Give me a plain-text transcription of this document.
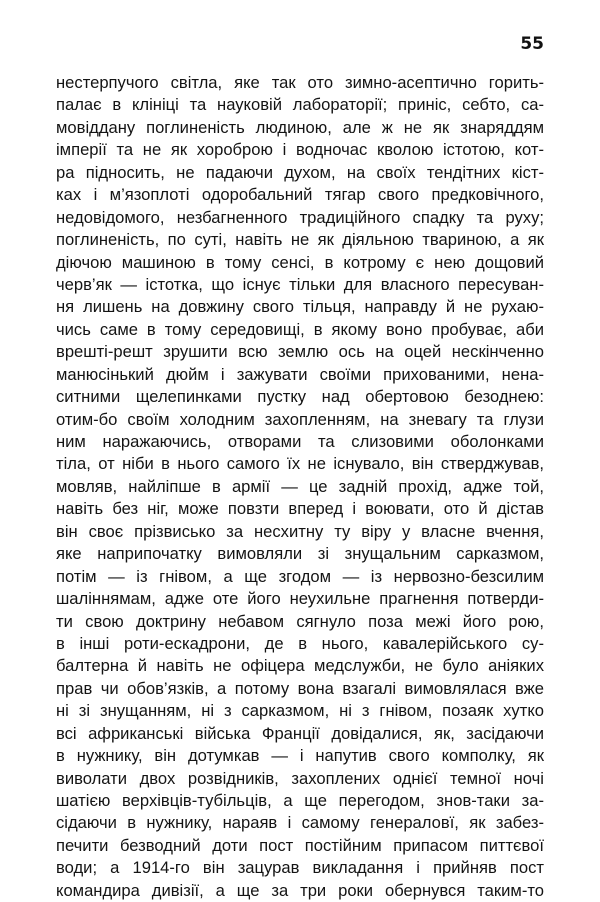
55
нестерпучого світла, яке так ото зимно-асептично горить-
палає в клініці та науковій лабораторії; приніс, себто, са-
мовіддану поглиненість людиною, але ж не як знаряддям
імперії та не як хороброю і водночас кволою істотою, кот-
ра підносить, не падаючи духом, на своїх тендітних кіст-
ках і м’язоплоті одоробальний тягар свого предковічного,
недовідомого, незбагненного традиційного спадку та руху;
поглиненість, по суті, навіть не як діяльною твариною, а як
діючою машиною в тому сенсі, в котрому є нею дощовий
черв’як — істотка, що існує тільки для власного пересуван-
ня лишень на довжину свого тільця, направду й не рухаю-
чись саме в тому середовищі, в якому воно пробуває, аби
врешті-решт зрушити всю землю ось на оцей нескінченно
манюсінький дюйм і зажувати своїми прихованими, нена-
ситними щелепинками пустку над обертовою безоднею:
отим-бо своїм холодним захопленням, на зневагу та глузи
ним наражаючись, отворами та слизовими оболонками
тіла, от ніби в нього самого їх не існувало, він стверджував,
мовляв, найліпше в армії — це задній прохід, адже той,
навіть без ніг, може повзти вперед і воювати, ото й дістав
він своє прізвисько за несхитну ту віру у власне вчення,
яке наприпочатку вимовляли зі знущальним сарказмом,
потім — із гнівом, а ще згодом — із нервозно-безсилим
шаліннямам, адже оте його неухильне прагнення потверди-
ти свою доктрину небавом сягнуло поза межі його рою,
в інші роти-ескадрони, де в нього, кавалерійського су-
балтерна й навіть не офіцера медслужби, не було аніяких
прав чи обов’язків, а потому вона взагалі вимовлялася вже
ні зі знущанням, ні з сарказмом, ні з гнівом, позаяк хутко
всі африканські війська Франції довідалися, як, засідаючи
в нужнику, він дотумкав — і напутив свого комполку, як
виволати двох розвідників, захоплених однієї темної ночі
шатією верхівців-тубільців, а ще перегодом, знов-таки за-
сідаючи в нужнику, нараяв і самому генераловї, як забез-
печити безводний доти пост постійним припасом питтєвої
води; а 1914-го він зацурав викладання і прийняв пост
командира дивізії, а ще за три роки обернувся таким-то
